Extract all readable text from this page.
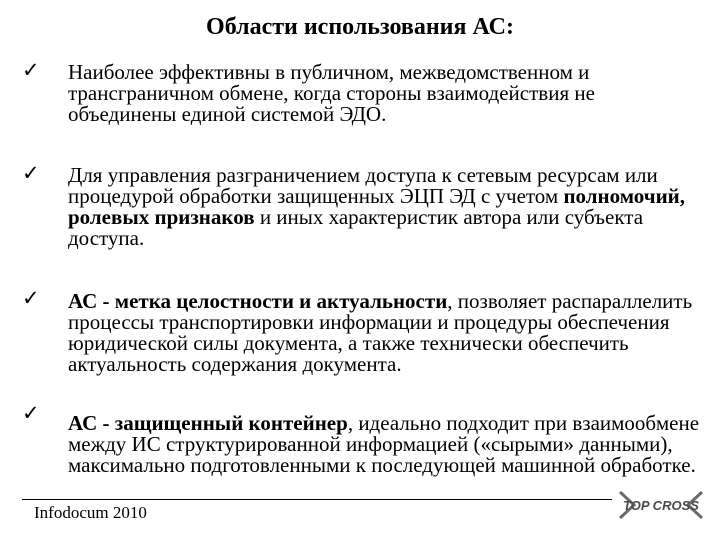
Области использования АС:
✓ Наиболее эффективны в публичном, межведомственном и трансграничном обмене, когда стороны взаимодействия не объединены единой системой ЭДО.

✓ Для управления разграничением доступа к сетевым ресурсам или процедурой обработки защищенных ЭЦП ЭД с учетом полномочий, ролевых признаков и иных характеристик автора или субъекта доступа.

✓ АС - метка целостности и актуальности, позволяет распараллелить процессы транспортировки информации и процедуры обеспечения юридической силы документа, а также технически обеспечить актуальность содержания документа.

✓ АС - защищенный контейнер, идеально подходит при взаимообмене между ИС структурированной информацией («сырыми» данными), максимально подготовленными к последующей машинной обработке.

Infodocum 2010	TOP CROSS
